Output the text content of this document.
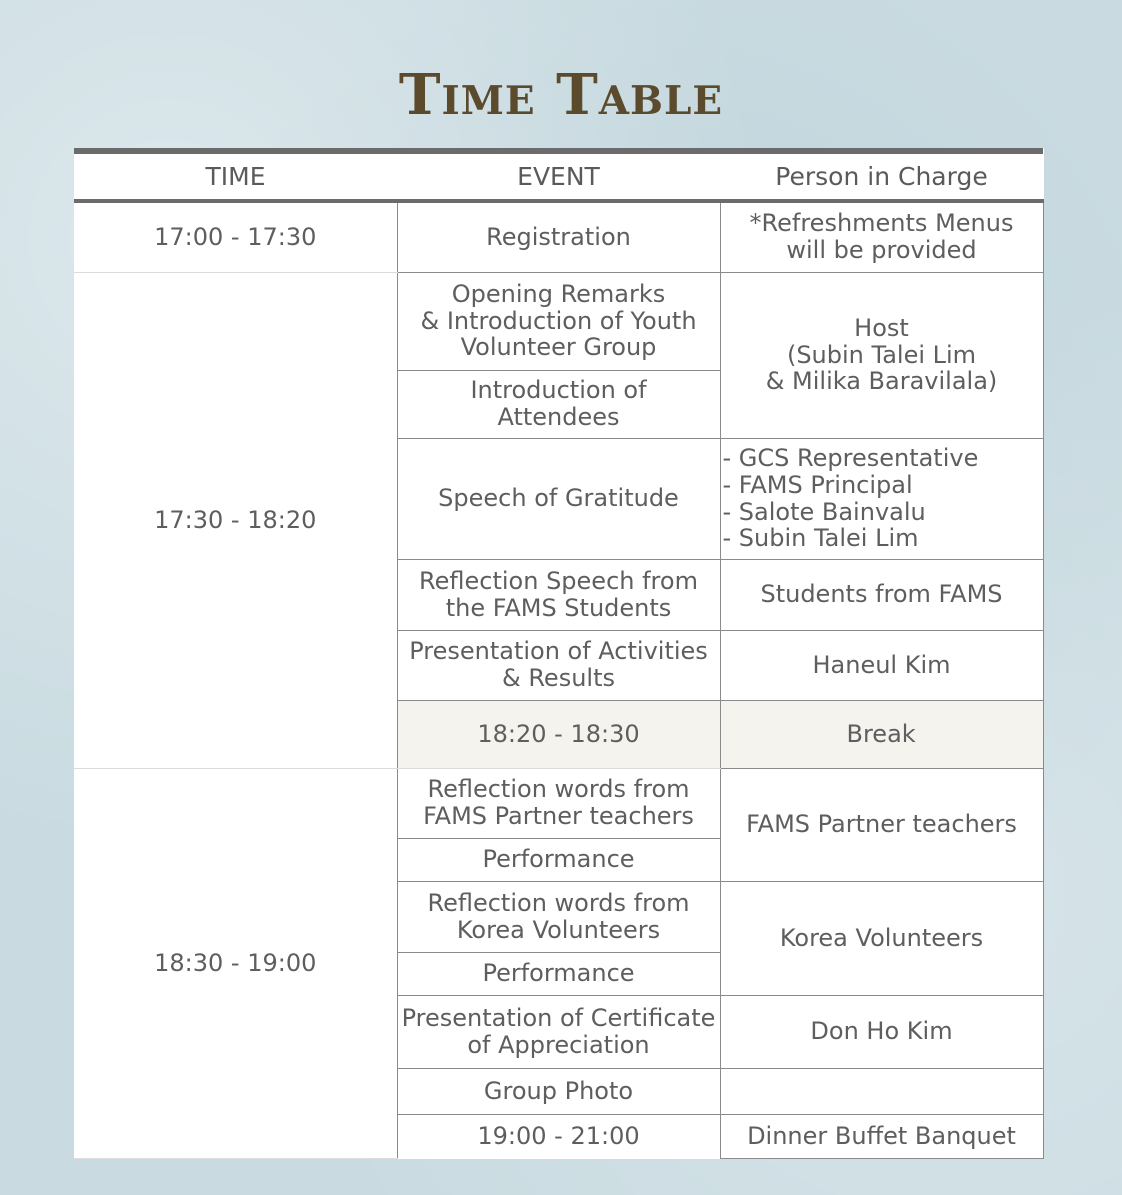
Time Table
TIME	EVENT	Person in Charge	
17:00 - 17:30	Registration	*Refreshments Menus
will be provided	
17:30 - 18:20	Opening Remarks
& Introduction of Youth
Volunteer Group	Host
(Subin Talei Lim
& Milika Baravilala)	
	Introduction of
Attendees		
	Speech of Gratitude	- GCS Representative
- FAMS Principal
- Salote Bainvalu
- Subin Talei Lim	
	Reflection Speech from
the FAMS Students	Students from FAMS	
	Presentation of Activities
& Results	Haneul Kim	
	18:20 - 18:30	Break	
18:30 - 19:00	Reflection words from
FAMS Partner teachers	FAMS Partner teachers	
	Performance		
	Reflection words from
Korea Volunteers	Korea Volunteers	
	Performance		
	Presentation of Certificate
of Appreciation	Don Ho Kim	
	Group Photo		
	19:00 - 21:00	Dinner Buffet Banquet	
